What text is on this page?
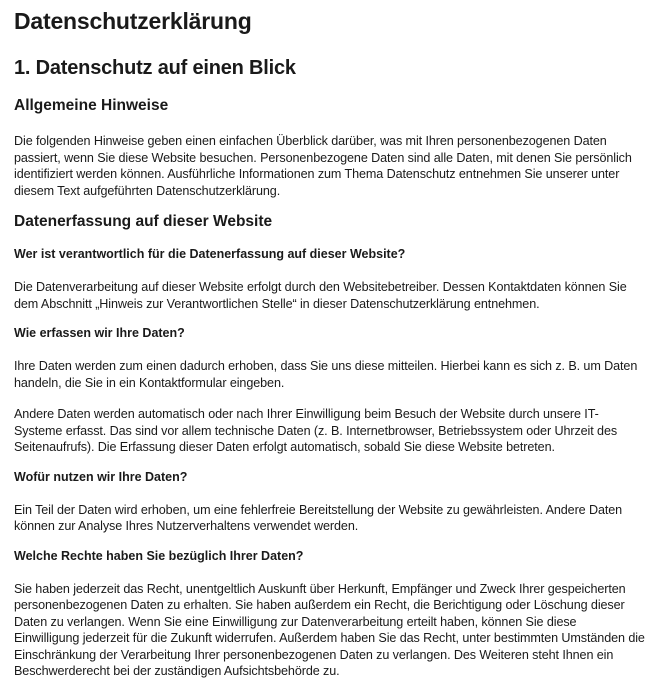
Datenschutzerklärung
1. Datenschutz auf einen Blick
Allgemeine Hinweise

Die folgenden Hinweise geben einen einfachen Überblick darüber, was mit Ihren personenbezogenen Daten passiert, wenn Sie diese Website besuchen. Personenbezogene Daten sind alle Daten, mit denen Sie persönlich identifiziert werden können. Ausführliche Informationen zum Thema Datenschutz entnehmen Sie unserer unter diesem Text aufgeführten Datenschutzerklärung.

Datenerfassung auf dieser Website
Wer ist verantwortlich für die Datenerfassung auf dieser Website?

Die Datenverarbeitung auf dieser Website erfolgt durch den Websitebetreiber. Dessen Kontaktdaten können Sie dem Abschnitt „Hinweis zur Verantwortlichen Stelle“ in dieser Datenschutzerklärung entnehmen.

Wie erfassen wir Ihre Daten?

Ihre Daten werden zum einen dadurch erhoben, dass Sie uns diese mitteilen. Hierbei kann es sich z. B. um Daten handeln, die Sie in ein Kontaktformular eingeben.

Andere Daten werden automatisch oder nach Ihrer Einwilligung beim Besuch der Website durch unsere IT-Systeme erfasst. Das sind vor allem technische Daten (z. B. Internetbrowser, Betriebssystem oder Uhrzeit des Seitenaufrufs). Die Erfassung dieser Daten erfolgt automatisch, sobald Sie diese Website betreten.

Wofür nutzen wir Ihre Daten?

Ein Teil der Daten wird erhoben, um eine fehlerfreie Bereitstellung der Website zu gewährleisten. Andere Daten können zur Analyse Ihres Nutzerverhaltens verwendet werden.

Welche Rechte haben Sie bezüglich Ihrer Daten?

Sie haben jederzeit das Recht, unentgeltlich Auskunft über Herkunft, Empfänger und Zweck Ihrer gespeicherten personenbezogenen Daten zu erhalten. Sie haben außerdem ein Recht, die Berichtigung oder Löschung dieser Daten zu verlangen. Wenn Sie eine Einwilligung zur Datenverarbeitung erteilt haben, können Sie diese Einwilligung jederzeit für die Zukunft widerrufen. Außerdem haben Sie das Recht, unter bestimmten Umständen die Einschränkung der Verarbeitung Ihrer personenbezogenen Daten zu verlangen. Des Weiteren steht Ihnen ein Beschwerderecht bei der zuständigen Aufsichtsbehörde zu.
